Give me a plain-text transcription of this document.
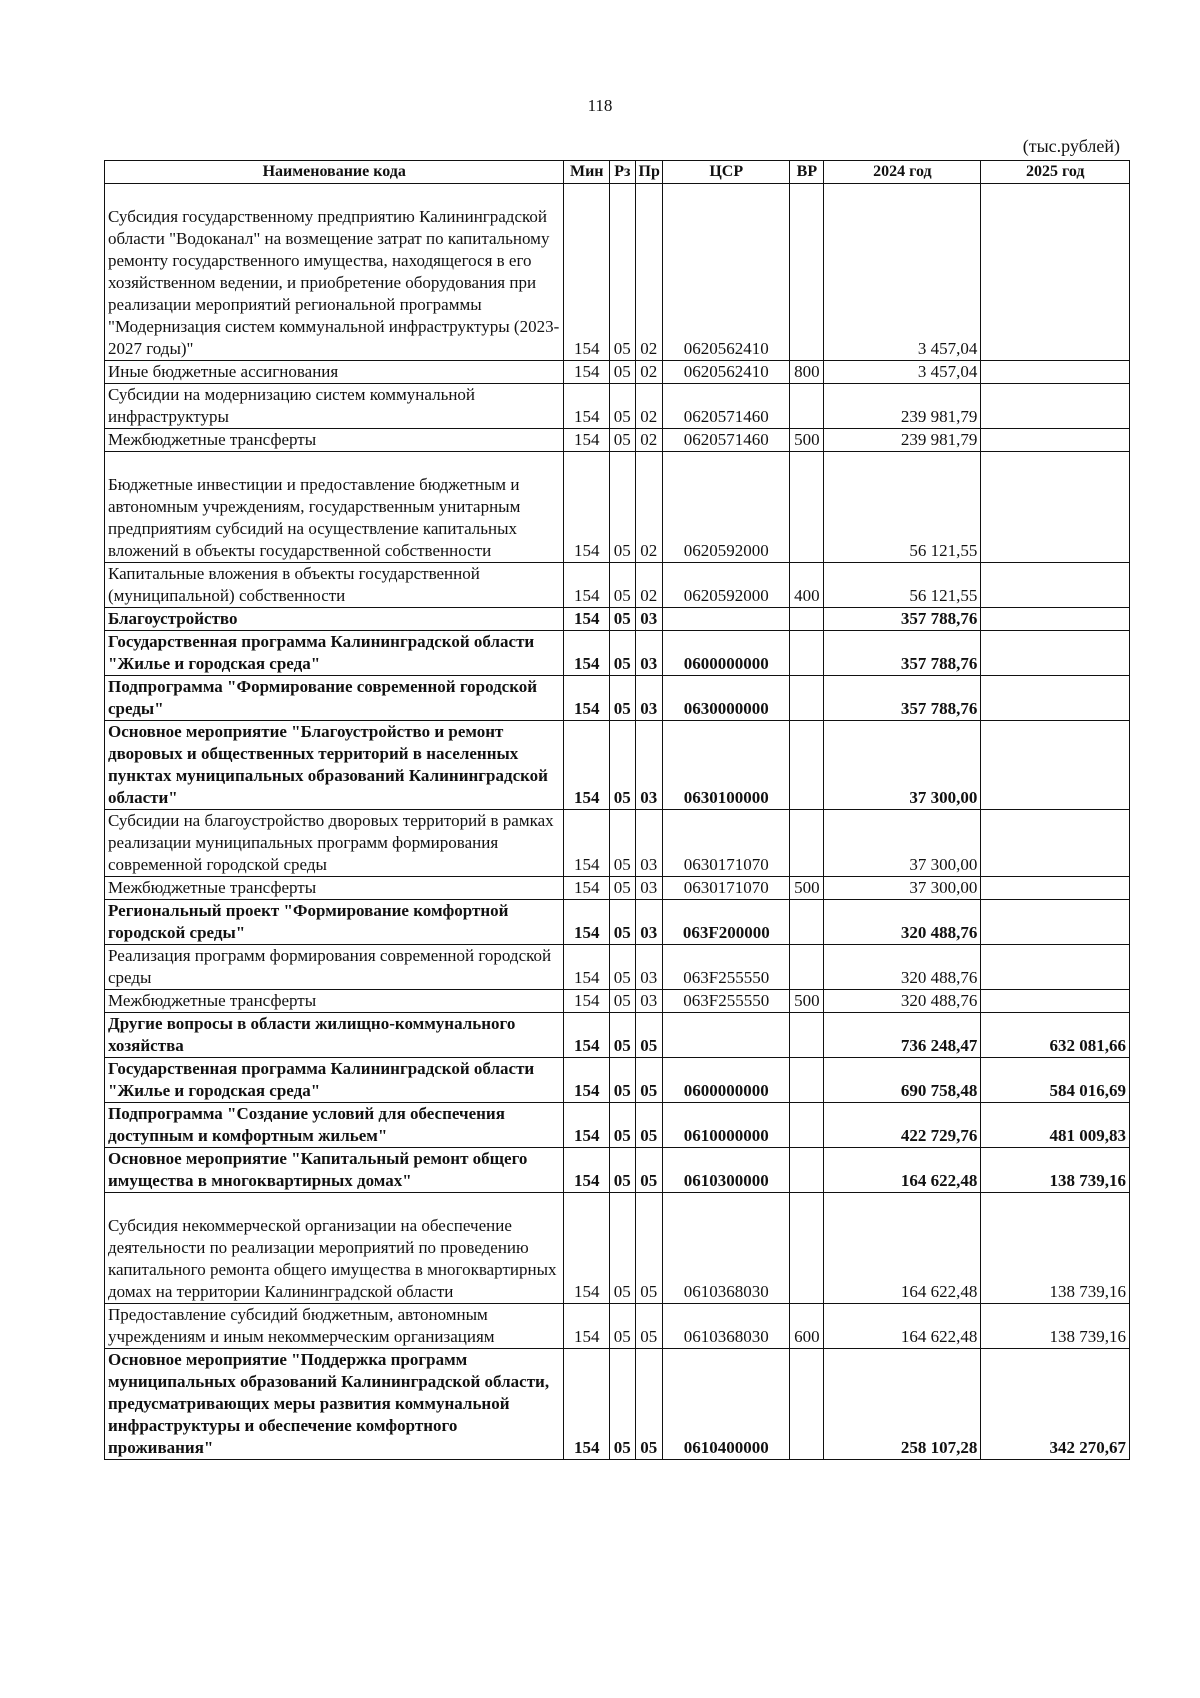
118
(тыс.рублей)
Наименование кода	Мин	Рз	Пр	ЦСР	ВР	2024 год	2025 год
Субсидия государственному предприятию Калининградской области "Водоканал" на возмещение затрат по капитальному ремонту государственного имущества, находящегося в его хозяйственном ведении, и приобретение оборудования при реализации мероприятий региональной программы "Модернизация систем коммунальной инфраструктуры (2023-2027 годы)"	154	05	02	0620562410		3 457,04	
Иные бюджетные ассигнования	154	05	02	0620562410	800	3 457,04	
Субсидии на модернизацию систем коммунальной инфраструктуры	154	05	02	0620571460		239 981,79	
Межбюджетные трансферты	154	05	02	0620571460	500	239 981,79	
Бюджетные инвестиции и предоставление бюджетным и автономным учреждениям, государственным унитарным предприятиям субсидий на осуществление капитальных вложений в объекты государственной собственности	154	05	02	0620592000		56 121,55	
Капитальные вложения в объекты государственной (муниципальной) собственности	154	05	02	0620592000	400	56 121,55	
Благоустройство	154	05	03			357 788,76	
Государственная программа Калининградской области "Жилье и городская среда"	154	05	03	0600000000		357 788,76	
Подпрограмма "Формирование современной городской среды"	154	05	03	0630000000		357 788,76	
Основное мероприятие "Благоустройство и ремонт дворовых и общественных территорий в населенных пунктах муниципальных образований Калининградской области"	154	05	03	0630100000		37 300,00	
Субсидии на благоустройство дворовых территорий в рамках реализации муниципальных программ формирования современной городской среды	154	05	03	0630171070		37 300,00	
Межбюджетные трансферты	154	05	03	0630171070	500	37 300,00	
Региональный проект "Формирование комфортной городской среды"	154	05	03	063F200000		320 488,76	
Реализация программ формирования современной городской среды	154	05	03	063F255550		320 488,76	
Межбюджетные трансферты	154	05	03	063F255550	500	320 488,76	
Другие вопросы в области жилищно-коммунального хозяйства	154	05	05			736 248,47	632 081,66
Государственная программа Калининградской области "Жилье и городская среда"	154	05	05	0600000000		690 758,48	584 016,69
Подпрограмма "Создание условий для обеспечения доступным и комфортным жильем"	154	05	05	0610000000		422 729,76	481 009,83
Основное мероприятие "Капитальный ремонт общего имущества в многоквартирных домах"	154	05	05	0610300000		164 622,48	138 739,16
Субсидия некоммерческой организации на обеспечение деятельности по реализации мероприятий по проведению капитального ремонта общего имущества в многоквартирных домах на территории Калининградской области	154	05	05	0610368030		164 622,48	138 739,16
Предоставление субсидий бюджетным, автономным учреждениям и иным некоммерческим организациям	154	05	05	0610368030	600	164 622,48	138 739,16
Основное мероприятие "Поддержка программ муниципальных образований Калининградской области, предусматривающих меры развития коммунальной инфраструктуры и обеспечение комфортного проживания"	154	05	05	0610400000		258 107,28	342 270,67
